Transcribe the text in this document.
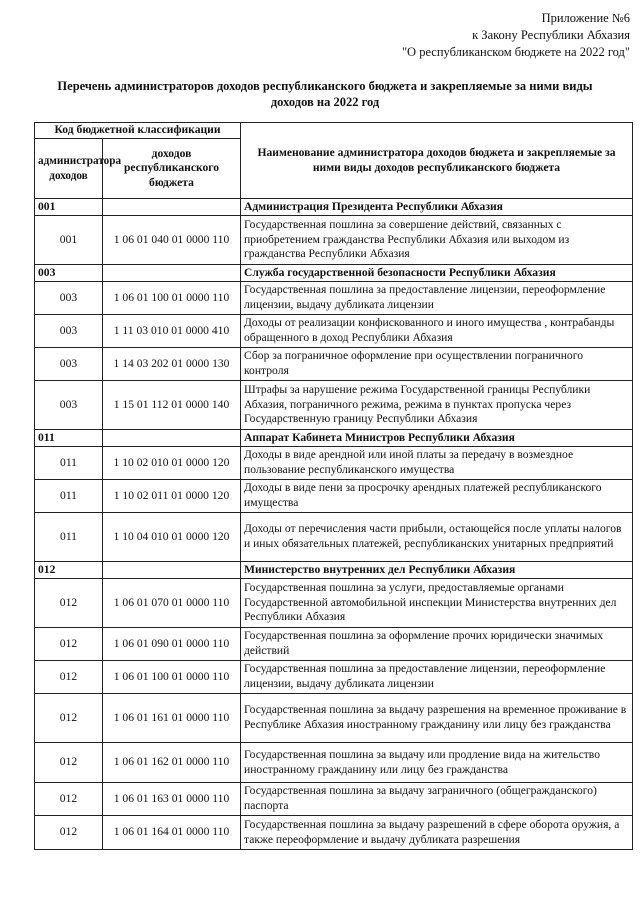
Приложение №6
к Закону Республики Абхазия
"О республиканском бюджете на 2022 год"
Перечень администраторов доходов республиканского бюджета и закрепляемые за ними виды доходов на 2022 год
Код бюджетной классификации		Наименование администратора доходов бюджета и закрепляемые за ними виды доходов республиканского бюджета
администратора доходов	доходов республиканского бюджета	
001		Администрация Президента Республики Абхазия
001	1 06 01 040 01 0000 110	Государственная пошлина за совершение действий, связанных с приобретением гражданства Республики Абхазия или выходом из гражданства Республики Абхазия
003		Служба государственной безопасности Республики Абхазия
003	1 06 01 100 01 0000 110	Государственная пошлина за предоставление лицензии, переоформление лицензии, выдачу дубликата лицензии
003	1 11 03 010 01 0000 410	Доходы от реализации конфискованного и иного имущества , контрабанды обращенного в доход Республики Абхазия
003	1 14 03 202 01 0000 130	Сбор за пограничное оформление при осуществлении пограничного контроля
003	1 15 01 112 01 0000 140	Штрафы за нарушение режима Государственной границы Республики Абхазия, пограничного режима, режима в пунктах пропуска через Государственную границу Республики Абхазия
011		Аппарат Кабинета Министров Республики Абхазия
011	1 10 02 010 01 0000 120	Доходы в виде арендной или иной платы за передачу в возмездное пользование республиканского имущества
011	1 10 02 011 01 0000 120	Доходы в виде пени за просрочку арендных платежей республиканского имущества
011	1 10 04 010 01 0000 120	Доходы от перечисления части прибыли, остающейся после уплаты налогов и иных обязательных платежей, республиканских унитарных предприятий
012		Министерство внутренних дел Республики Абхазия
012	1 06 01 070 01 0000 110	Государственная пошлина за услуги, предоставляемые органами Государственной автомобильной инспекции Министерства внутренних дел Республики Абхазия
012	1 06 01 090 01 0000 110	Государственная пошлина за оформление прочих юридически значимых действий
012	1 06 01 100 01 0000 110	Государственная пошлина за предоставление лицензии, переоформление лицензии, выдачу дубликата лицензии
012	1 06 01 161 01 0000 110	Государственная пошлина за выдачу разрешения на временное проживание в Республике Абхазия иностранному гражданину или лицу без гражданства
012	1 06 01 162 01 0000 110	Государственная пошлина за выдачу или продление вида на жительство иностранному гражданину или лицу без гражданства
012	1 06 01 163 01 0000 110	Государственная пошлина за выдачу заграничного (общегражданского) паспорта
012	1 06 01 164 01 0000 110	Государственная пошлина за выдачу разрешений в сфере оборота оружия, а также переоформление и выдачу дубликата разрешения
